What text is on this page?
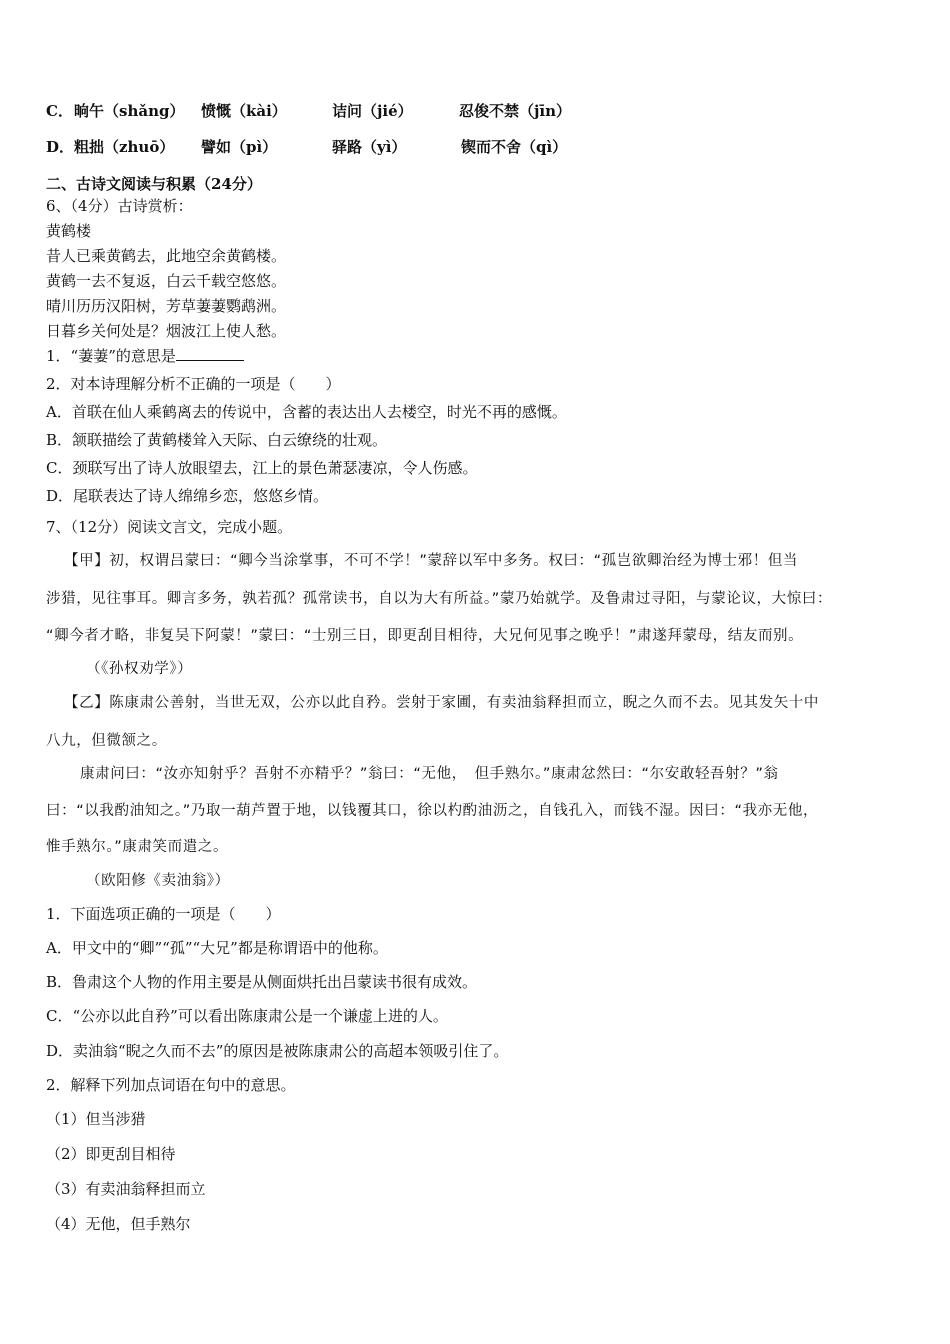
C． 晌午（shǎng） 愤慨（kài）	诘问（jié）	忍俊不禁（jīn）
D． 粗拙（zhuō） 譬如（pì）	驿路（yì）	锲而不舍（qì）
二、古诗文阅读与积累（24分）
6、（4分）古诗赏析：
黄鹤楼
昔人已乘黄鹤去，此地空余黄鹤楼。
黄鹤一去不复返，白云千载空悠悠。
晴川历历汉阳树，芳草萋萋鹦鹉洲。
日暮乡关何处是？烟波江上使人愁。
1．“萋萋”的意思是
2．对本诗理解分析不正确的一项是（　　）
A．首联在仙人乘鹤离去的传说中，含蓄的表达出人去楼空，时光不再的感慨。
B．颔联描绘了黄鹤楼耸入天际、白云缭绕的壮观。
C．颈联写出了诗人放眼望去，江上的景色萧瑟凄凉，令人伤感。
D．尾联表达了诗人绵绵乡恋，悠悠乡情。
7、（12分）阅读文言文，完成小题。
【甲】初，权谓吕蒙曰：“卿今当涂掌事，不可不学！”蒙辞以军中多务。权曰：“孤岂欲卿治经为博士邪！但当
涉猎，见往事耳。卿言多务，孰若孤？孤常读书，自以为大有所益。”蒙乃始就学。及鲁肃过寻阳，与蒙论议，大惊曰：
“卿今者才略，非复吴下阿蒙！”蒙曰：“士别三日，即更刮目相待，大兄何见事之晚乎！”肃遂拜蒙母，结友而别。
（《孙权劝学》）
【乙】陈康肃公善射，当世无双，公亦以此自矜。尝射于家圃，有卖油翁释担而立，睨之久而不去。见其发矢十中
八九，但微颔之。
康肃问曰：“汝亦知射乎？吾射不亦精乎？”翁曰：“无他，　但手熟尔。”康肃忿然曰：“尔安敢轻吾射？”翁
曰：“以我酌油知之。”乃取一葫芦置于地，以钱覆其口，徐以杓酌油沥之，自钱孔入，而钱不湿。因曰：“我亦无他，
惟手熟尔。”康肃笑而遣之。
（欧阳修《卖油翁》）
1．下面选项正确的一项是（　　）
A．甲文中的“卿”“孤”“大兄”都是称谓语中的他称。
B．鲁肃这个人物的作用主要是从侧面烘托出吕蒙读书很有成效。
C．“公亦以此自矜”可以看出陈康肃公是一个谦虚上进的人。
D．卖油翁“睨之久而不去”的原因是被陈康肃公的高超本领吸引住了。
2．解释下列加点词语在句中的意思。
（1）但当涉猎
（2）即更刮目相待
（3）有卖油翁释担而立
（4）无他，但手熟尔
